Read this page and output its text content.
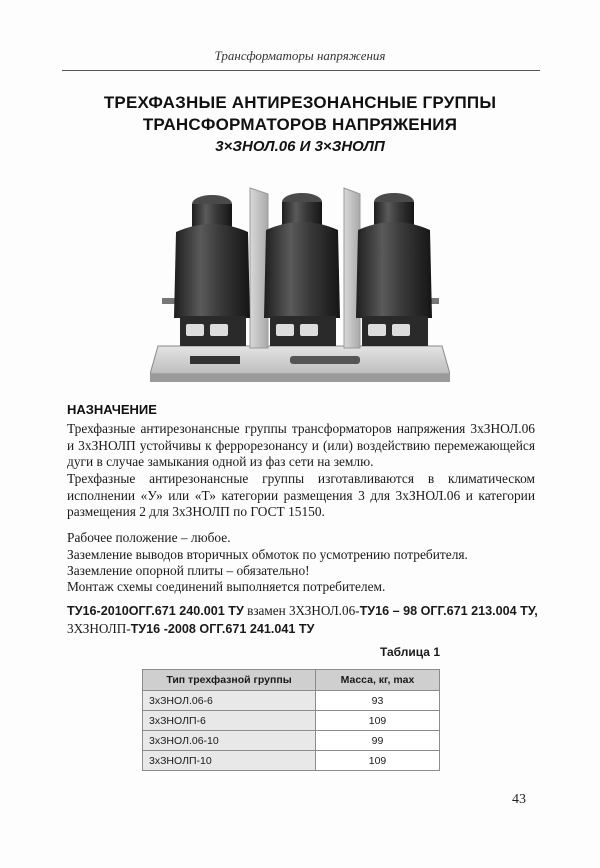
Трансформаторы напряжения
ТРЕХФАЗНЫЕ АНТИРЕЗОНАНСНЫЕ ГРУППЫ
ТРАНСФОРМАТОРОВ НАПРЯЖЕНИЯ
3×ЗНОЛ.06 И 3×ЗНОЛП
НАЗНАЧЕНИЕ
Трехфазные антирезонансные группы трансформаторов напряжения 3хЗНОЛ.06 и 3хЗНОЛП устойчивы к феррорезонансу и (или) воздействию перемежающейся дуги в случае замыкания одной из фаз сети на землю.
Трехфазные антирезонансные группы изготавливаются в климатическом исполнении «У» или «Т» категории размещения 3 для 3хЗНОЛ.06 и категории размещения 2 для 3хЗНОЛП по ГОСТ 15150.
Рабочее положение – любое.
Заземление выводов вторичных обмоток по усмотрению потребителя.
Заземление опорной плиты – обязательно!
Монтаж схемы соединений выполняется потребителем.
ТУ16-2010ОГГ.671 240.001 ТУ взамен 3ХЗНОЛ.06-ТУ16 – 98 ОГГ.671 213.004 ТУ, 3ХЗНОЛП-ТУ16 -2008 ОГГ.671 241.041 ТУ
Таблица 1
Тип трехфазной группы	Масса, кг, max
3хЗНОЛ.06-6	93
3хЗНОЛП-6	109
3хЗНОЛ.06-10	99
3хЗНОЛП-10	109
43
